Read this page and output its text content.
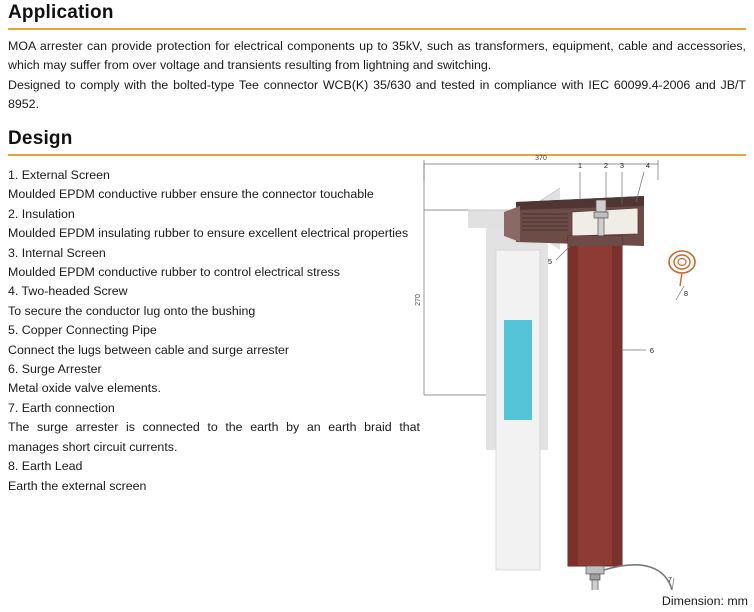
Application
MOA arrester can provide protection for electrical components up to 35kV, such as transformers, equipment, cable and accessories, which may suffer from over voltage and transients resulting from lightning and switching.
Designed to comply with the bolted-type Tee connector WCB(K) 35/630 and tested in compliance with IEC 60099.4-2006 and JB/T 8952.
Design
1. External Screen
Moulded EPDM conductive rubber ensure the connector touchable
2. Insulation
Moulded EPDM insulating rubber to ensure excellent electrical properties
3. Internal Screen
Moulded EPDM conductive rubber to control electrical stress
4. Two-headed Screw
To secure the conductor lug onto the bushing
5. Copper Connecting Pipe
Connect the lugs between cable and surge arrester
6. Surge Arrester
Metal oxide valve elements.
7. Earth connection
The surge arrester is connected to the earth by an earth braid that manages short circuit currents.
8. Earth Lead
Earth the external screen
370
270
1	2 3	4
5
6
7
8
Dimension: mm
